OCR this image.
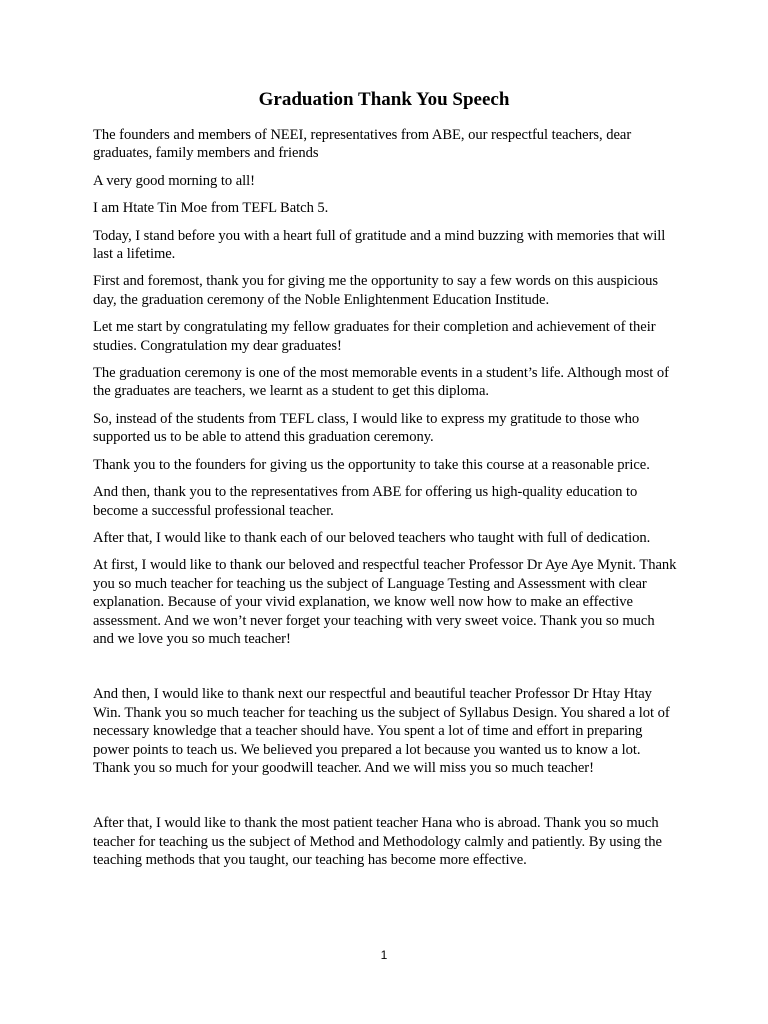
Graduation Thank You Speech

The founders and members of NEEI, representatives from ABE, our respectful teachers, dear graduates, family members and friends

A very good morning to all!

I am Htate Tin Moe from TEFL Batch 5.

Today, I stand before you with a heart full of gratitude and a mind buzzing with memories that will last a lifetime.

First and foremost, thank you for giving me the opportunity to say a few words on this auspicious day, the graduation ceremony of the Noble Enlightenment Education Institude.

Let me start by congratulating my fellow graduates for their completion and achievement of their studies. Congratulation my dear graduates!

The graduation ceremony is one of the most memorable events in a student’s life. Although most of the graduates are teachers, we learnt as a student to get this diploma.

So, instead of the students from TEFL class, I would like to express my gratitude to those who supported us to be able to attend this graduation ceremony.

Thank you to the founders for giving us the opportunity to take this course at a reasonable price.

And then, thank you to the representatives from ABE for offering us high-quality education to become a successful professional teacher.

After that, I would like to thank each of our beloved teachers who taught with full of dedication.

At first, I would like to thank our beloved and respectful teacher Professor Dr Aye Aye Mynit. Thank you so much teacher for teaching us the subject of Language Testing and Assessment with clear explanation. Because of your vivid explanation, we know well now how to make an effective assessment. And we won’t never forget your teaching with very sweet voice. Thank you so much and we love you so much teacher!

And then, I would like to thank next our respectful and beautiful teacher Professor Dr Htay Htay Win. Thank you so much teacher for teaching us the subject of Syllabus Design. You shared a lot of necessary knowledge that a teacher should have. You spent a lot of time and effort in preparing power points to teach us. We believed you prepared a lot because you wanted us to know a lot. Thank you so much for your goodwill teacher. And we will miss you so much teacher!

After that, I would like to thank the most patient teacher Hana who is abroad. Thank you so much teacher for teaching us the subject of Method and Methodology calmly and patiently. By using the teaching methods that you taught, our teaching has become more effective.

1
